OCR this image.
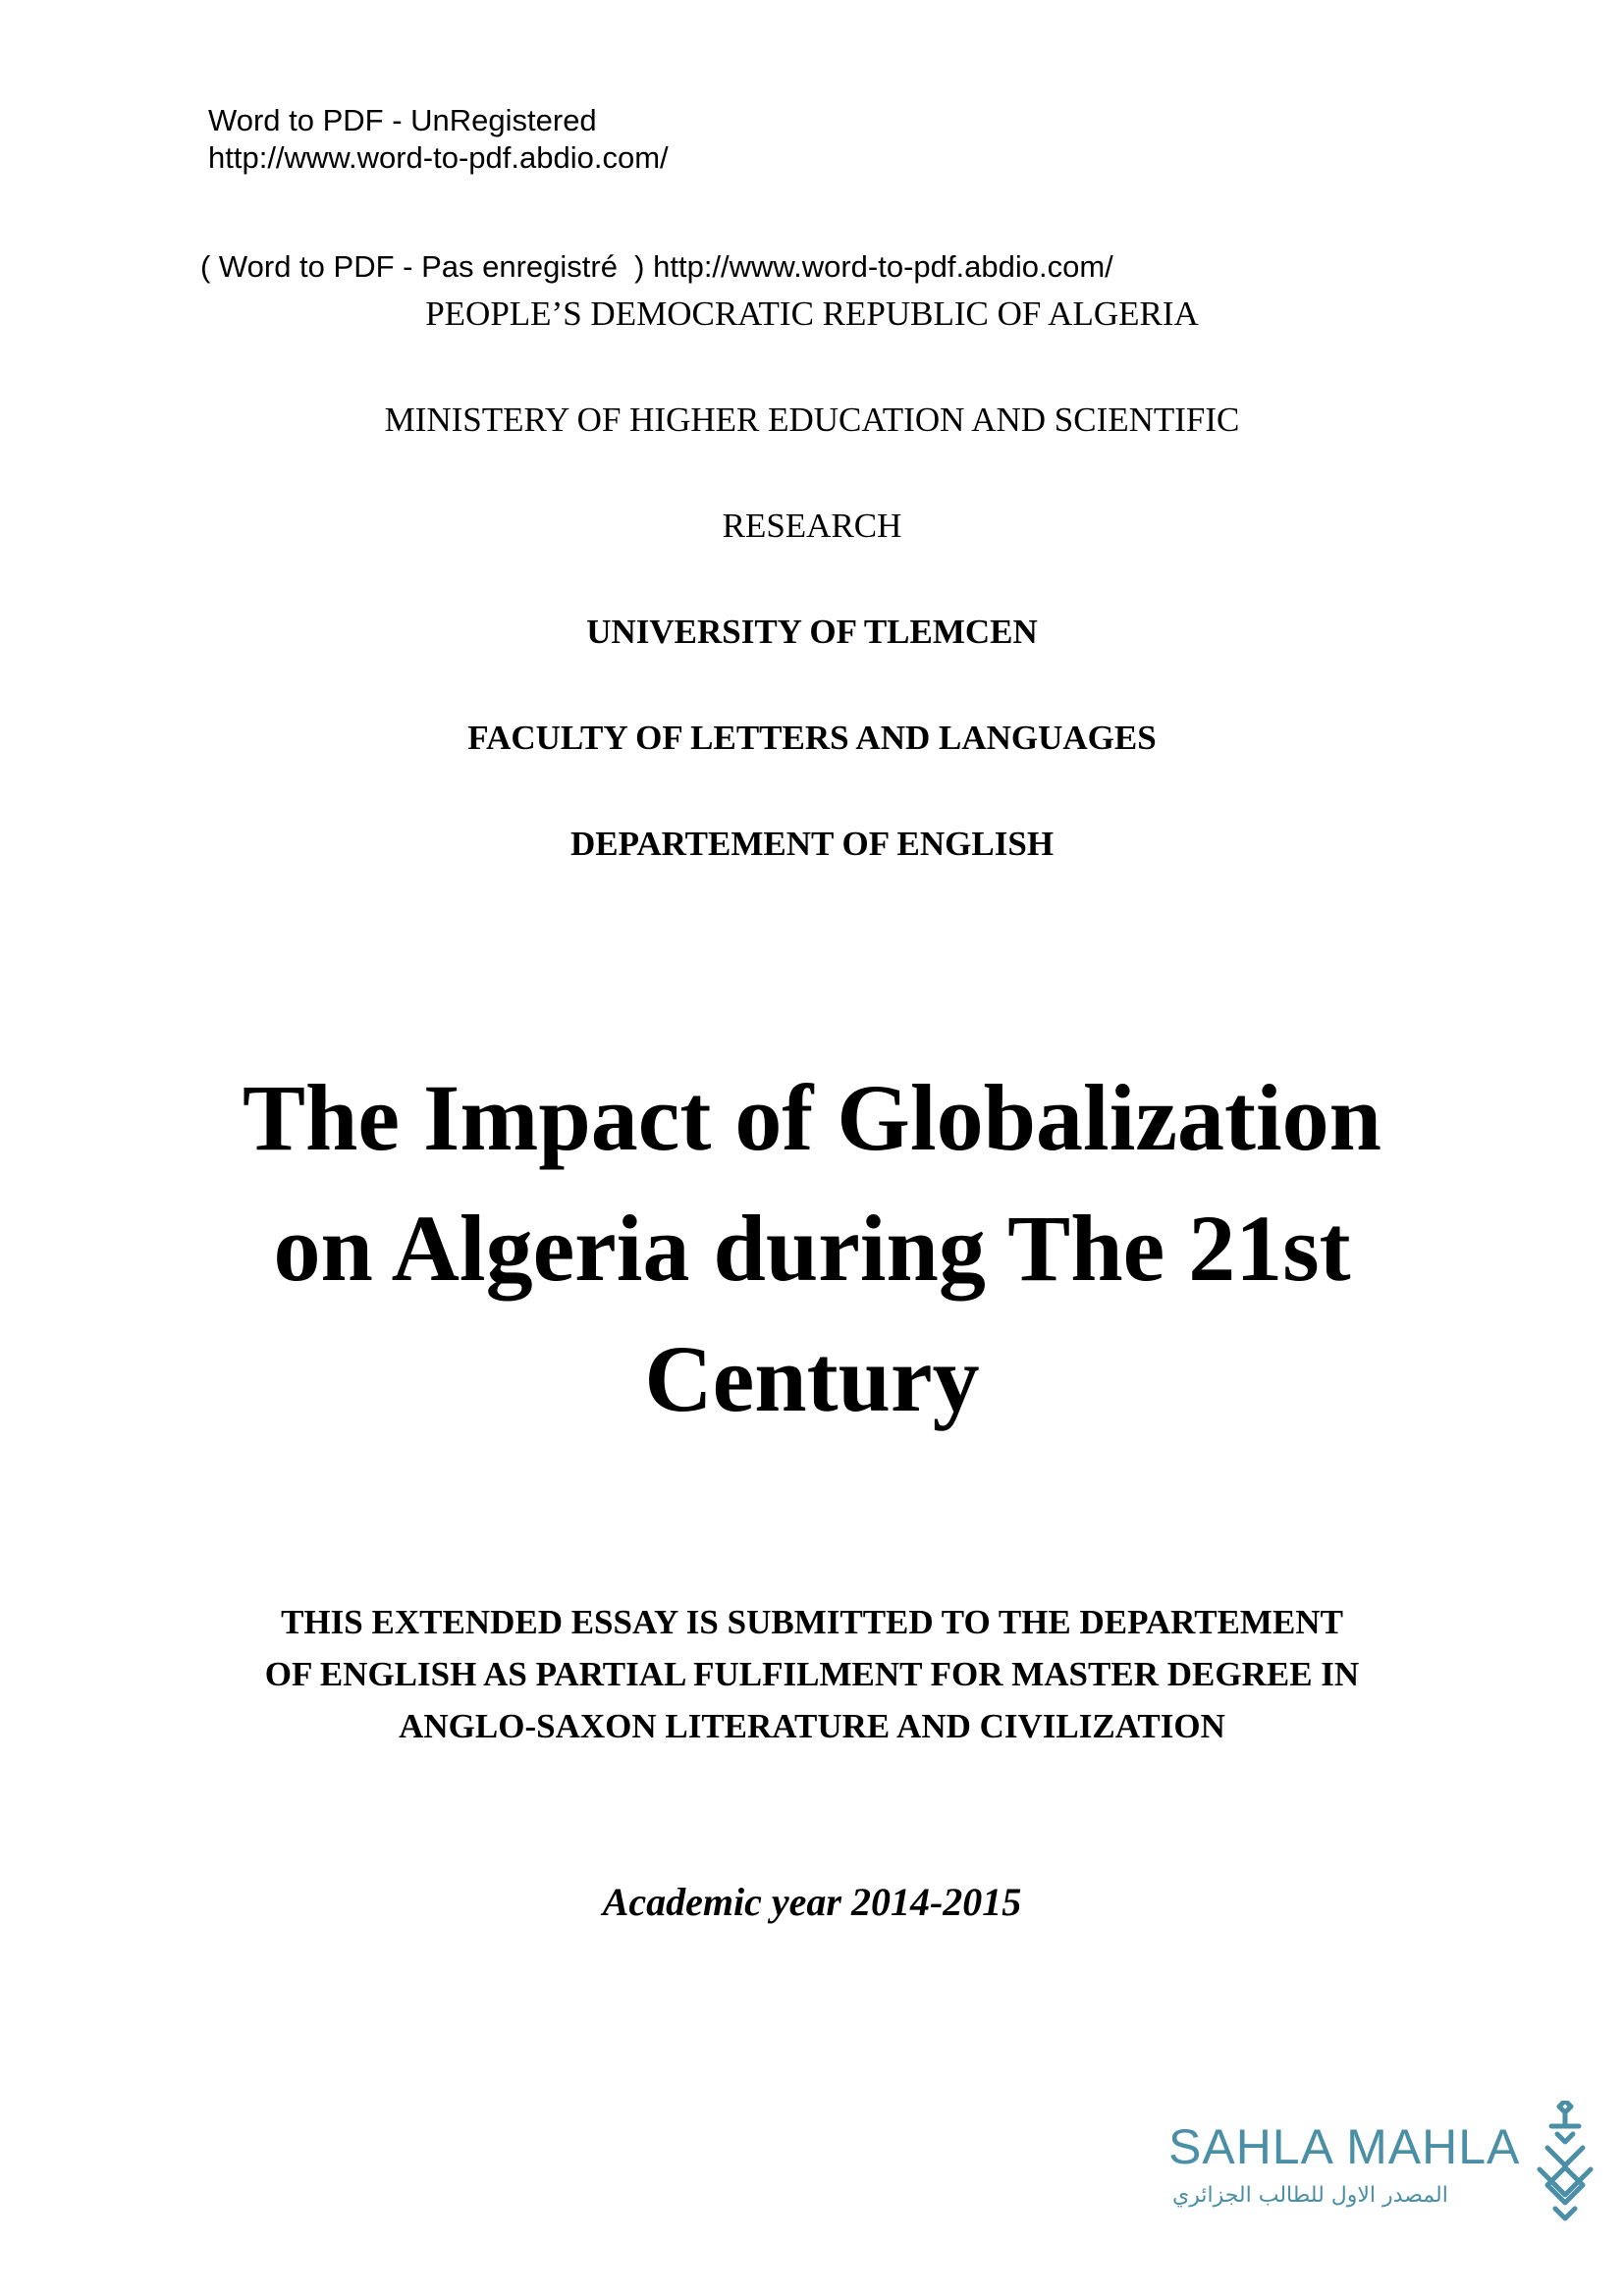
Word to PDF - UnRegistered
http://www.word-to-pdf.abdio.com/
( Word to PDF - Pas enregistré  ) http://www.word-to-pdf.abdio.com/
PEOPLE’S DEMOCRATIC REPUBLIC OF ALGERIA
MINISTERY OF HIGHER EDUCATION AND SCIENTIFIC
RESEARCH
UNIVERSITY OF TLEMCEN
FACULTY OF LETTERS AND LANGUAGES
DEPARTEMENT OF ENGLISH
The Impact of Globalization
on Algeria during The 21st
Century
THIS EXTENDED ESSAY IS SUBMITTED TO THE DEPARTEMENT
OF ENGLISH AS PARTIAL FULFILMENT FOR MASTER DEGREE IN
ANGLO-SAXON LITERATURE AND CIVILIZATION
Academic year 2014-2015
SAHLA MAHLA
المصدر الاول للطالب الجزائري
